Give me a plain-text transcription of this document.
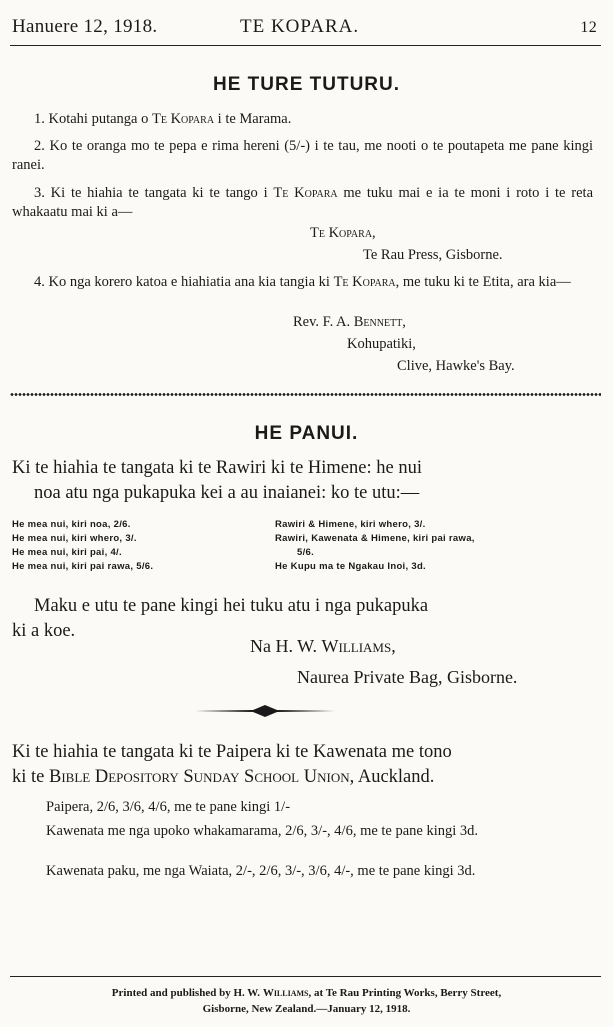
Hanuere 12, 1918.	TE KOPARA.	12
HE TURE TUTURU.
1. Kotahi putanga o Te Kopara i te Marama.
2. Ko te oranga mo te pepa e rima hereni (5/-) i te tau, me nooti o te poutapeta me pane kingi ranei.
3. Ki te hiahia te tangata ki te tango i Te Kopara me tuku mai e ia te moni i roto i te reta whakaatu mai ki a—
Te Kopara,
Te Rau Press, Gisborne.
4. Ko nga korero katoa e hiahiatia ana kia tangia ki Te Kopara, me tuku ki te Etita, ara kia—
Rev. F. A. Bennett,
Kohupatiki,
Clive, Hawke's Bay.
HE PANUI.
Ki te hiahia te tangata ki te Rawiri ki te Himene: he nui
noa atu nga pukapuka kei a au inaianei: ko te utu:—
He mea nui, kiri noa, 2/6.
He mea nui, kiri whero, 3/.
He mea nui, kiri pai, 4/.
He mea nui, kiri pai rawa, 5/6.
Rawiri & Himene, kiri whero, 3/.
Rawiri, Kawenata & Himene, kiri pai rawa,
5/6.
He Kupu ma te Ngakau Inoi, 3d.
Maku e utu te pane kingi hei tuku atu i nga pukapuka
ki a koe.
Na H. W. Williams,
Naurea Private Bag, Gisborne.
Ki te hiahia te tangata ki te Paipera ki te Kawenata me tono
ki te Bible Depository Sunday School Union, Auckland.
Paipera, 2/6, 3/6, 4/6, me te pane kingi 1/-
Kawenata me nga upoko whakamarama, 2/6, 3/-, 4/6, me te pane kingi 3d.
Kawenata paku, me nga Waiata, 2/-, 2/6, 3/-, 3/6, 4/-, me te pane kingi 3d.
Printed and published by H. W. Williams, at Te Rau Printing Works, Berry Street,
Gisborne, New Zealand.—January 12, 1918.
